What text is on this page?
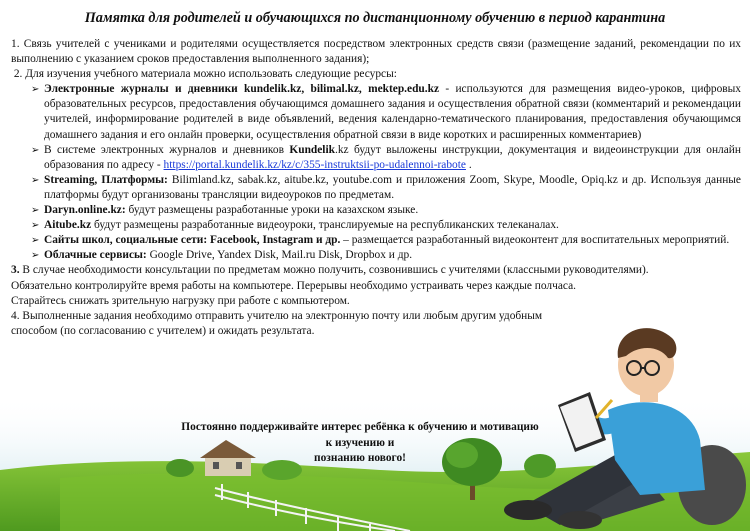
Памятка для родителей и обучающихся по дистанционному обучению в период карантина

1. Связь учителей с учениками и родителями осуществляется посредством электронных средств связи (размещение заданий, рекомендации по их выполнению с указанием сроков предоставления выполненного задания);

2. Для изучения учебного материала можно использовать следующие ресурсы:

➢ Электронные журналы и дневники kundelik.kz, bilimal.kz, mektep.edu.kz - используются для размещения видео-уроков, цифровых образовательных ресурсов, предоставления обучающимся домашнего задания и осуществления обратной связи (комментарий и рекомендации учителей, информирование родителей в виде объявлений, ведения календарно-тематического планирования, предоставления обучающимся домашнего задания и его онлайн проверки, осуществления обратной связи в виде коротких и расширенных комментариев)
➢ В системе электронных журналов и дневников Kundelik.kz будут выложены инструкции, документация и видеоинструкции для онлайн образования по адресу - https://portal.kundelik.kz/kz/c/355-instruktsii-po-udalennoi-rabote .
➢ Streaming, Платформы: Bilimland.kz, sabak.kz, aitube.kz, youtube.com и приложения Zoom, Skype, Moodle, Opiq.kz и др. Используя данные платформы будут организованы трансляции видеоуроков по предметам.
➢ Daryn.online.kz: будут размещены разработанные уроки на казахском языке.
➢ Aitube.kz будут размещены разработанные видеоуроки, транслируемые на республиканских телеканалах.
➢ Сайты школ, социальные сети: Facebook, Instagram и др. – размещается разработанный видеоконтент для воспитательных мероприятий.
➢ Облачные сервисы: Google Drive, Yandex Disk, Mail.ru Disk, Dropbox и др.

3. В случае необходимости консультации по предметам можно получить, созвонившись с учителями (классными руководителями).

Обязательно контролируйте время работы на компьютере. Перерывы необходимо устраивать через каждые полчаса.

Старайтесь снижать зрительную нагрузку при работе с компьютером.

4. Выполненные задания необходимо отправить учителю на электронную почту или любым другим удобным способом (по согласованию с учителем) и ожидать результата.

Постоянно поддерживайте интерес ребёнка к обучению и мотивацию
к изучению и
познанию нового!
